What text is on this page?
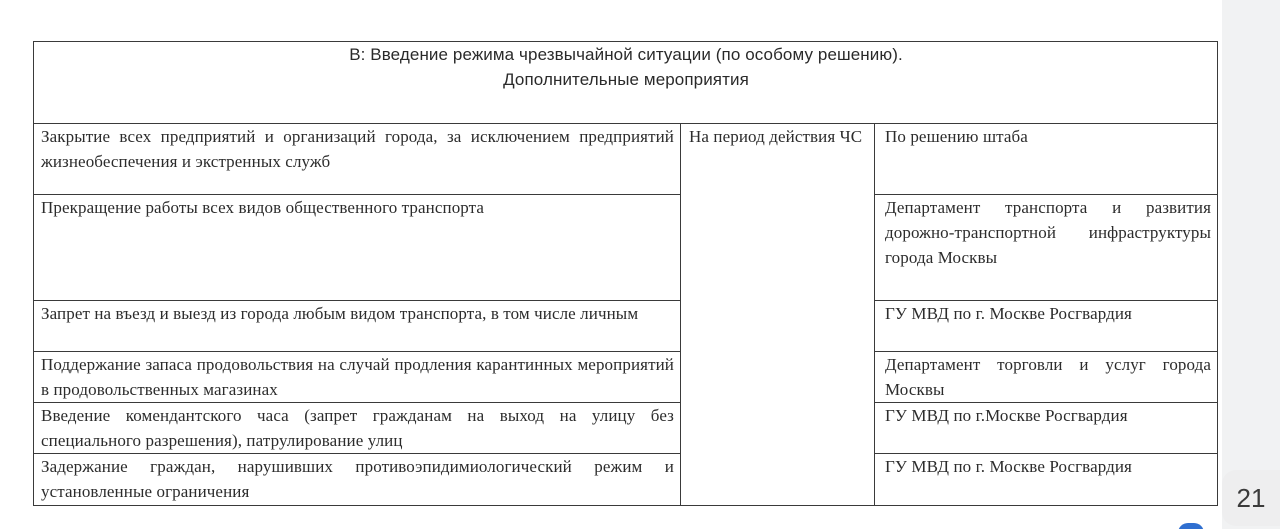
В: Введение режима чрезвычайной ситуации (по особому решению).
Дополнительные мероприятия		

Закрытие всех предприятий и организаций города, за исключением предприятий жизнеобеспечения и экстренных служб	На период действия ЧС	По решению штаба
Прекращение работы всех видов общественного транспорта		Департамент транспорта и развития дорожно-транспортной инфраструктуры города Москвы
Запрет на въезд и выезд из города любым видом транспорта, в том числе личным		ГУ МВД по г. Москве Росгвардия
Поддержание запаса продовольствия на случай продления карантинных мероприятий в продовольственных магазинах		Департамент торговли и услуг города Москвы
Введение комендантского часа (запрет гражданам на выход на улицу без специального разрешения), патрулирование улиц		ГУ МВД по г.Москве Росгвардия
Задержание граждан, нарушивших противоэпидимиологический режим и установленные ограничения		ГУ МВД по г. Москве Росгвардия
21
